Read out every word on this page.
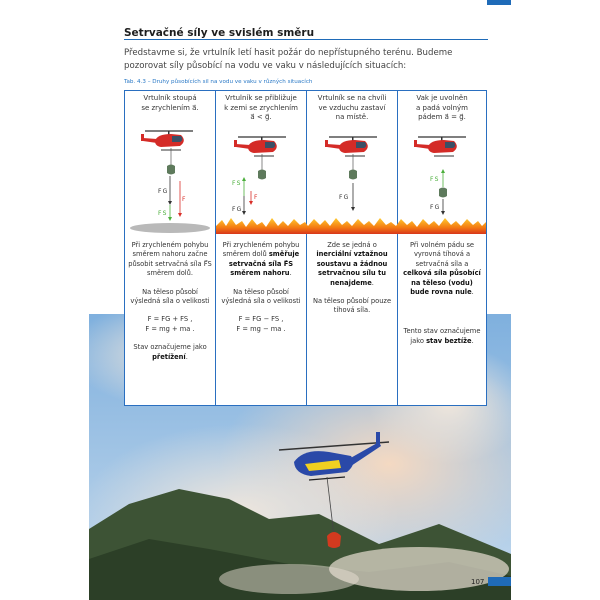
Setrvačné síly ve svislém směru
Představme si, že vrtulník letí hasit požár do nepřístupného terénu. Budeme pozorovat síly působící na vodu ve vaku v následujících situacích:
Tab. 4.3 – Druhy působících sil na vodu ve vaku v různých situacích
Vrtulník stoupá
se zrychlením a⃗.
F G
F S
F

Při zrychleném pohybu směrem nahoru začne působit setrvačná síla F⃗S směrem dolů.

Na těleso působí výsledná síla o velikosti

F = FG + FS ,
F = mg + ma .

Stav označujeme jako přetížení.

Vrtulník se přibližuje
k zemi se zrychlením
a⃗ < g⃗.
F S
F G
F

Při zrychleném pohybu směrem dolů směřuje setrvačná síla F⃗S směrem nahoru.

Na těleso působí výsledná síla o velikosti

F = FG − FS ,
F = mg − ma .

Vrtulník se na chvíli
ve vzduchu zastaví
na místě.
F G

Zde se jedná o inerciální vztažnou soustavu a žádnou setrvačnou sílu tu nenajdeme.

Na těleso působí pouze tíhová síla.

Vak je uvolněn
a padá volným
pádem a⃗ = g⃗.
F S
F G

Při volném pádu se vyrovná tíhová a setrvačná síla a celková síla působící na těleso (vodu) bude rovna nule.

Tento stav označujeme jako stav beztíže.

107
